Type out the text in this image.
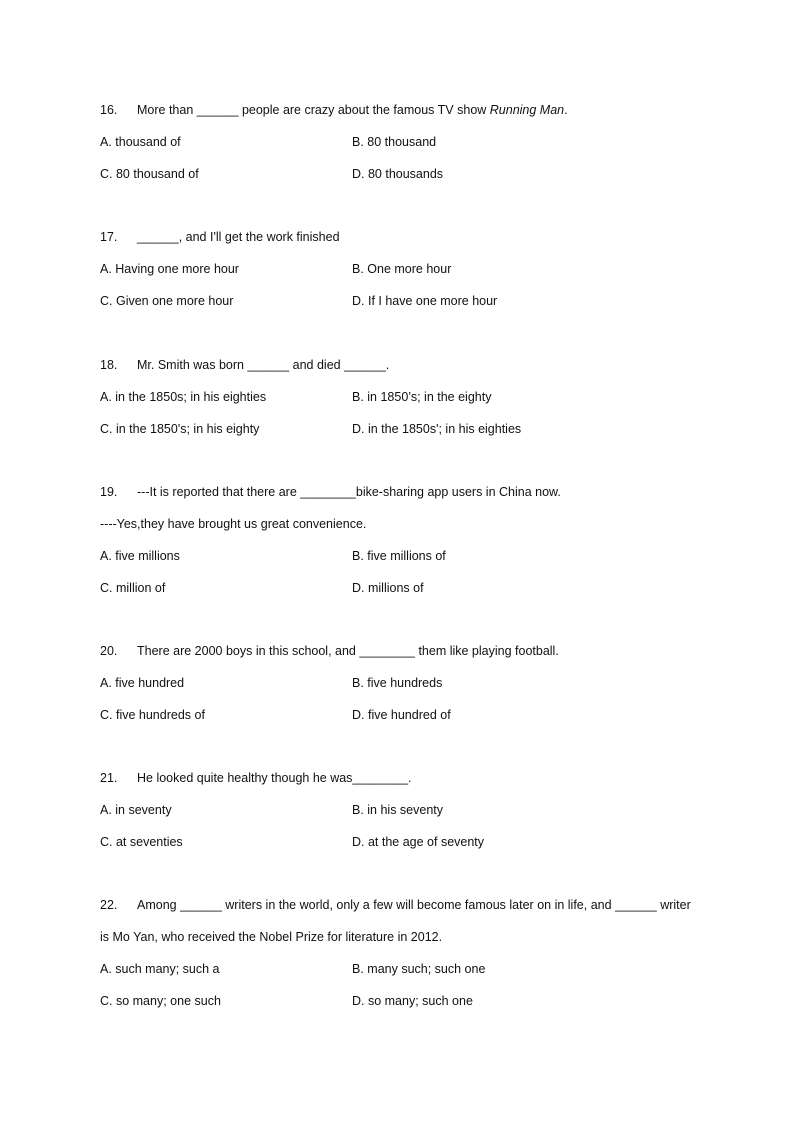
16. More than ______ people are crazy about the famous TV show Running Man.
A. thousand of	B. 80 thousand
C. 80 thousand of	D. 80 thousands
17. ______, and I'll get the work finished
A. Having one more hour	B. One more hour
C. Given one more hour	D. If I have one more hour
18. Mr. Smith was born ______ and died ______.
A. in the 1850s; in his eighties	B. in 1850’s; in the eighty
C. in the 1850's; in his eighty	D. in the 1850s'; in his eighties
19. ---It is reported that there are ________bike-sharing app users in China now.
----Yes,they have brought us great convenience.
A. five millions	B. five millions of
C. million of	D. millions of
20. There are 2000 boys in this school, and ________ them like playing football.
A. five hundred	B. five hundreds
C. five hundreds of	D. five hundred of
21. He looked quite healthy though he was________.
A. in seventy	B. in his seventy
C. at seventies	D. at the age of seventy
22. Among ______ writers in the world, only a few will become famous later on in life, and ______ writer
is Mo Yan, who received the Nobel Prize for literature in 2012.
A. such many; such a	B. many such; such one
C. so many; one such	D. so many; such one
